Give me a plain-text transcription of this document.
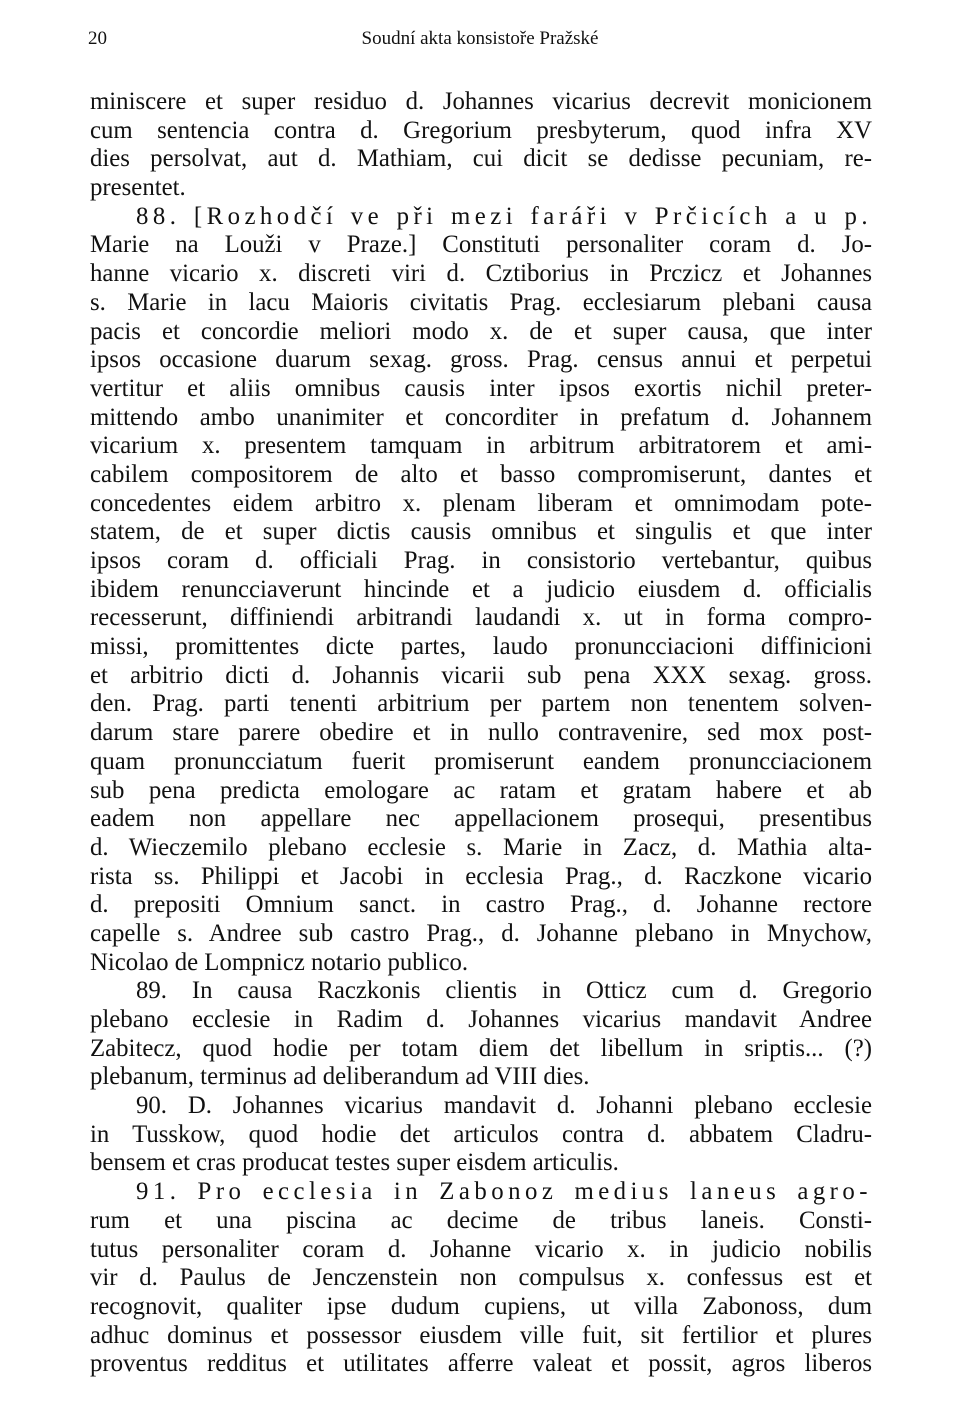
20	Soudní akta konsistoře Pražské
miniscere et super residuo d. Johannes vicarius decrevit monicionem
cum sentencia contra d. Gregorium presbyterum, quod infra XV
dies persolvat, aut d. Mathiam, cui dicit se dedisse pecuniam, re-
presentet.
88. [Rozhodčí ve při mezi faráři v Prčicích a u p.
Marie na Louži v Praze.] Constituti personaliter coram d. Jo-
hanne vicario x. discreti viri d. Cztiborius in Prczicz et Johannes
s. Marie in lacu Maioris civitatis Prag. ecclesiarum plebani causa
pacis et concordie meliori modo x. de et super causa, que inter
ipsos occasione duarum sexag. gross. Prag. census annui et perpetui
vertitur et aliis omnibus causis inter ipsos exortis nichil preter-
mittendo ambo unanimiter et concorditer in prefatum d. Johannem
vicarium x. presentem tamquam in arbitrum arbitratorem et ami-
cabilem compositorem de alto et basso compromiserunt, dantes et
concedentes eidem arbitro x. plenam liberam et omnimodam pote-
statem, de et super dictis causis omnibus et singulis et que inter
ipsos coram d. officiali Prag. in consistorio vertebantur, quibus
ibidem renuncciaverunt hincinde et a judicio eiusdem d. officialis
recesserunt, diffiniendi arbitrandi laudandi x. ut in forma compro-
missi, promittentes dicte partes, laudo pronuncciacioni diffinicioni
et arbitrio dicti d. Johannis vicarii sub pena XXX sexag. gross.
den. Prag. parti tenenti arbitrium per partem non tenentem solven-
darum stare parere obedire et in nullo contravenire, sed mox post-
quam pronuncciatum fuerit promiserunt eandem pronuncciacionem
sub pena predicta emologare ac ratam et gratam habere et ab
eadem non appellare nec appellacionem prosequi, presentibus
d. Wieczemilo plebano ecclesie s. Marie in Zacz, d. Mathia alta-
rista ss. Philippi et Jacobi in ecclesia Prag., d. Raczkone vicario
d. prepositi Omnium sanct. in castro Prag., d. Johanne rectore
capelle s. Andree sub castro Prag., d. Johanne plebano in Mnychow,
Nicolao de Lompnicz notario publico.
89. In causa Raczkonis clientis in Otticz cum d. Gregorio
plebano ecclesie in Radim d. Johannes vicarius mandavit Andree
Zabitecz, quod hodie per totam diem det libellum in sriptis... (?)
plebanum, terminus ad deliberandum ad VIII dies.
90. D. Johannes vicarius mandavit d. Johanni plebano ecclesie
in Tusskow, quod hodie det articulos contra d. abbatem Cladru-
bensem et cras producat testes super eisdem articulis.
91. Pro ecclesia in Zabonoz medius laneus agro-
rum et una piscina ac decime de tribus laneis. Consti-
tutus personaliter coram d. Johanne vicario x. in judicio nobilis
vir d. Paulus de Jenczenstein non compulsus x. confessus est et
recognovit, qualiter ipse dudum cupiens, ut villa Zabonoss, dum
adhuc dominus et possessor eiusdem ville fuit, sit fertilior et plures
proventus redditus et utilitates afferre valeat et possit, agros liberos
